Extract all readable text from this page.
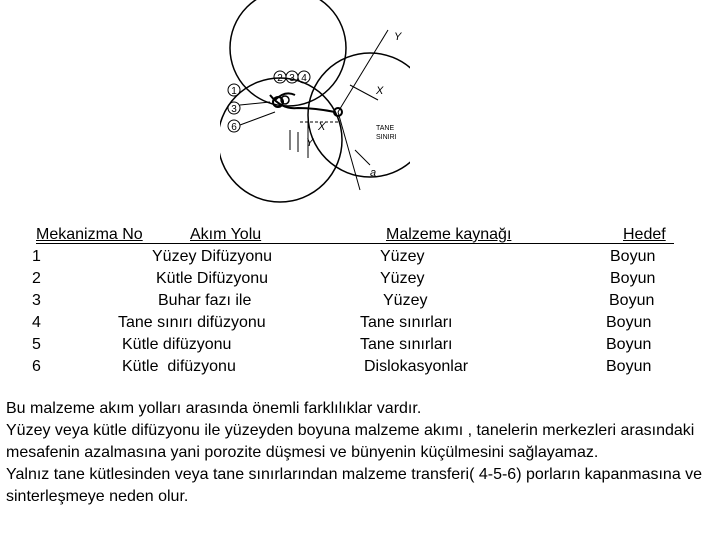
2 3 4
1
3
6
Y
X
X
Y
a
TANE
SINIRI
Mekanizma No	Akım Yolu	Malzeme kaynağı	Hedef
1	Yüzey Difüzyonu	Yüzey	Boyun
2	Kütle Difüzyonu	Yüzey	Boyun
3	Buhar fazı ile	Yüzey	Boyun
4	Tane sınırı difüzyonu	Tane sınırları	Boyun
5	Kütle difüzyonu	Tane sınırları	Boyun
6	Kütle  difüzyonu	Dislokasyonlar	Boyun
Bu malzeme akım yolları arasında önemli farklılıklar vardır.
Yüzey veya kütle difüzyonu ile yüzeyden boyuna malzeme akımı , tanelerin merkezleri arasındaki mesafenin azalmasına yani porozite düşmesi ve bünyenin küçülmesini sağlayamaz.
Yalnız tane kütlesinden veya tane sınırlarından malzeme transferi( 4-5-6) porların kapanmasına ve sinterleşmeye neden olur.
